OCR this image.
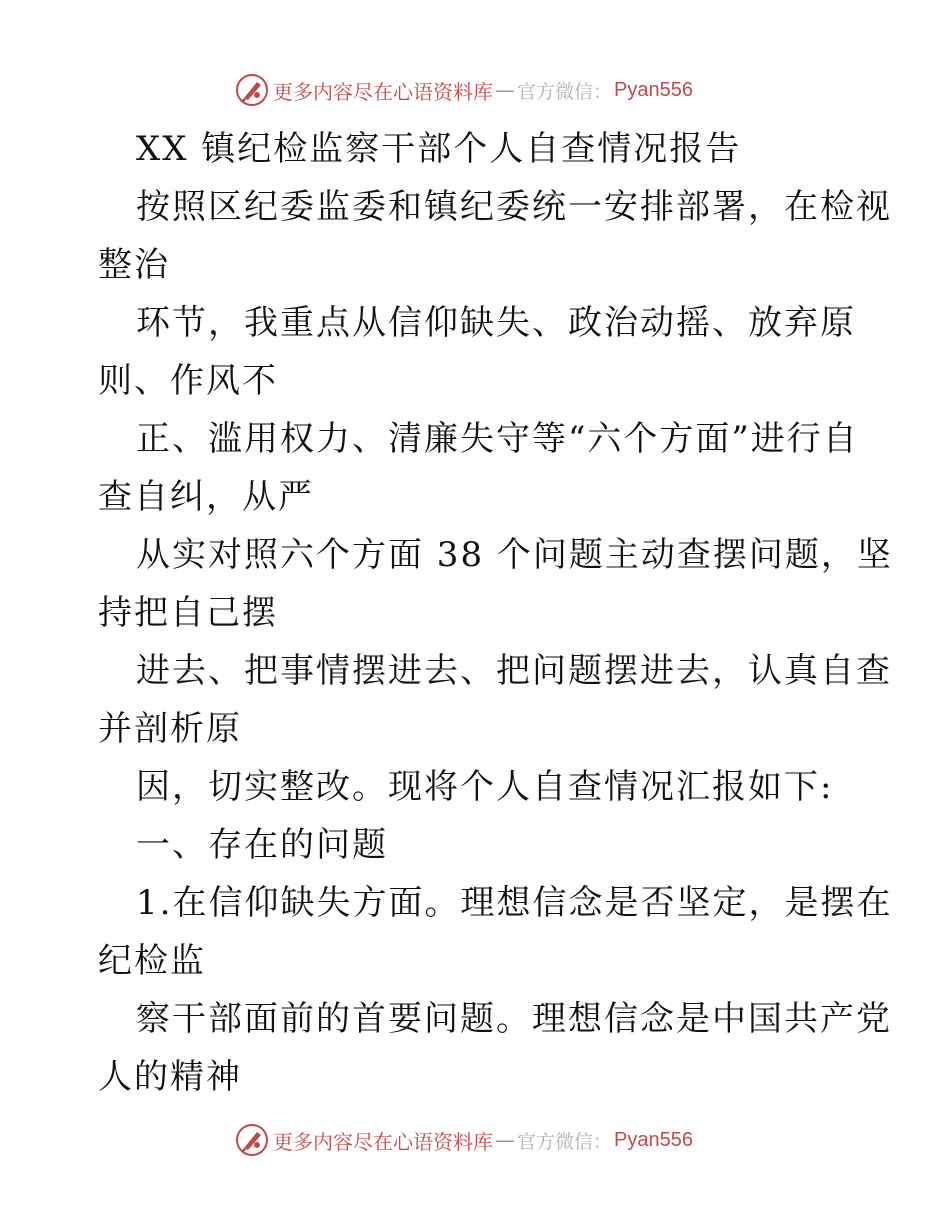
更多内容尽在心语资料库 — 官方微信： Pyan556
XX 镇纪检监察干部个人自查情况报告
按照区纪委监委和镇纪委统一安排部署，在检视
整治
环节，我重点从信仰缺失、政治动摇、放弃原
则、作风不
正、滥用权力、清廉失守等“六个方面”进行自
查自纠，从严
从实对照六个方面 38 个问题主动查摆问题，坚
持把自己摆
进去、把事情摆进去、把问题摆进去，认真自查
并剖析原
因，切实整改。现将个人自查情况汇报如下:
一、存在的问题
1.在信仰缺失方面。理想信念是否坚定，是摆在
纪检监
察干部面前的首要问题。理想信念是中国共产党
人的精神
更多内容尽在心语资料库 — 官方微信： Pyan556
